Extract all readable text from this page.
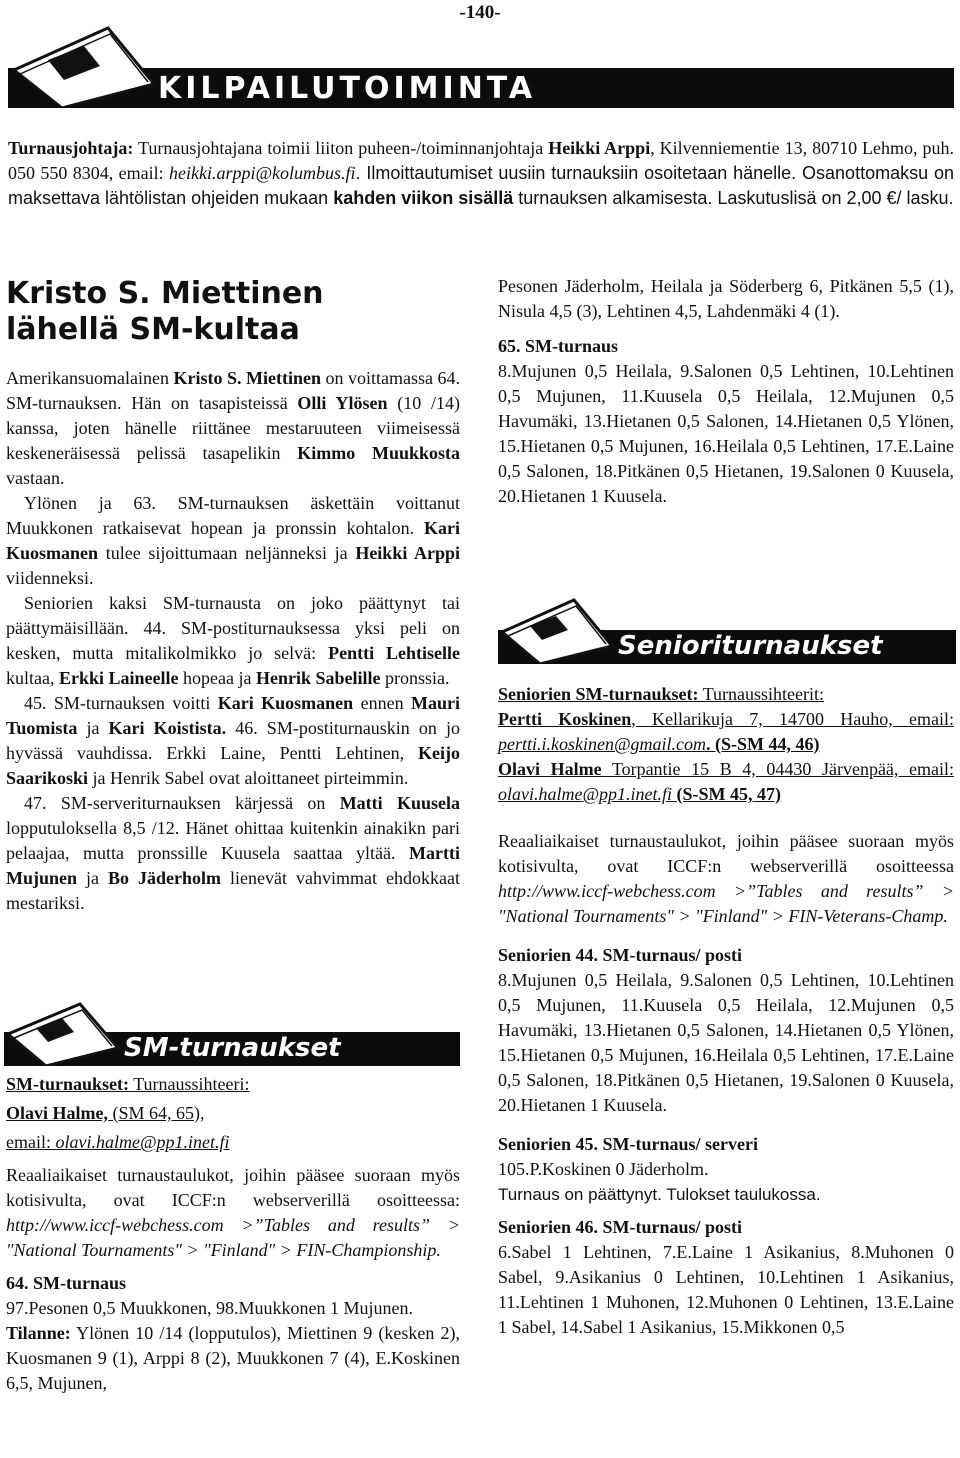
-140-
KILPAILUTOIMINTA
Turnausjohtaja: Turnausjohtajana toimii liiton puheen-/toiminnanjohtaja Heikki Arppi, Kilvenniementie 13, 80710 Lehmo, puh. 050 550 8304, email: heikki.arppi@kolumbus.fi. Ilmoittautumiset uusiin turnauksiin osoitetaan hänelle. Osanottomaksu on maksettava lähtölistan ohjeiden mukaan kahden viikon sisällä turnauksen alkamisesta. Laskutuslisä on 2,00 €/ lasku.
Kristo S. Miettinen
lähellä SM-kultaa

Amerikansuomalainen Kristo S. Miettinen on voittamassa 64. SM-turnauksen. Hän on tasapisteissä Olli Ylösen (10 /14) kanssa, joten hänelle riittänee mestaruuteen viimeisessä keskeneräisessä pelissä tasapelikin Kimmo Muukkosta vastaan.

Ylönen ja 63. SM-turnauksen äskettäin voittanut Muukkonen ratkaisevat hopean ja pronssin kohtalon. Kari Kuosmanen tulee sijoittumaan neljänneksi ja Heikki Arppi viidenneksi.

Seniorien kaksi SM-turnausta on joko päättynyt tai päättymäisillään. 44. SM-postiturnauksessa yksi peli on kesken, mutta mitalikolmikko jo selvä: Pentti Lehtiselle kultaa, Erkki Laineelle hopeaa ja Henrik Sabelille pronssia.

45. SM-turnauksen voitti Kari Kuosmanen ennen Mauri Tuomista ja Kari Koistista. 46. SM-postiturnauskin on jo hyvässä vauhdissa. Erkki Laine, Pentti Lehtinen, Keijo Saarikoski ja Henrik Sabel ovat aloittaneet pirteimmin.

47. SM-serveriturnauksen kärjessä on Matti Kuusela lopputuloksella 8,5 /12. Hänet ohittaa kuitenkin ainakikn pari pelaajaa, mutta pronssille Kuusela saattaa yltää. Martti Mujunen ja Bo Jäderholm lienevät vahvimmat ehdokkaat mestariksi.

SM-turnaukset

SM-turnaukset: Turnaussihteeri:

Olavi Halme, (SM 64, 65),

email: olavi.halme@pp1.inet.fi

Reaaliaikaiset turnaustaulukot, joihin pääsee suoraan myös kotisivulta, ovat ICCF:n webserverillä osoitteessa: http://www.iccf-webchess.com >”Tables and results” > "National Tournaments" > "Finland" > FIN-Championship.

64. SM-turnaus

97.Pesonen 0,5 Muukkonen, 98.Muukkonen 1 Mujunen.

Tilanne: Ylönen 10 /14 (lopputulos), Miettinen 9 (kesken 2), Kuosmanen 9 (1), Arppi 8 (2), Muukkonen 7 (4), E.Koskinen 6,5, Mujunen,

Pesonen Jäderholm, Heilala ja Söderberg 6, Pitkänen 5,5 (1), Nisula 4,5 (3), Lehtinen 4,5, Lahdenmäki 4 (1).

65. SM-turnaus

8.Mujunen 0,5 Heilala, 9.Salonen 0,5 Lehtinen, 10.Lehtinen 0,5 Mujunen, 11.Kuusela 0,5 Heilala, 12.Mujunen 0,5 Havumäki, 13.Hietanen 0,5 Salonen, 14.Hietanen 0,5 Ylönen, 15.Hietanen 0,5 Mujunen, 16.Heilala 0,5 Lehtinen, 17.E.Laine 0,5 Salonen, 18.Pitkänen 0,5 Hietanen, 19.Salonen 0 Kuusela, 20.Hietanen 1 Kuusela.

Senioriturnaukset

Seniorien SM-turnaukset: Turnaussihteerit:

Pertti Koskinen, Kellarikuja 7, 14700 Hauho, email: pertti.i.koskinen@gmail.com. (S-SM 44, 46)

Olavi Halme Torpantie 15 B 4, 04430 Järvenpää, email: olavi.halme@pp1.inet.fi (S-SM 45, 47)

Reaaliaikaiset turnaustaulukot, joihin pääsee suoraan myös kotisivulta, ovat ICCF:n webserverillä osoitteessa http://www.iccf-webchess.com >”Tables and results” > "National Tournaments" > "Finland" > FIN-Veterans-Champ.

Seniorien 44. SM-turnaus/ posti

8.Mujunen 0,5 Heilala, 9.Salonen 0,5 Lehtinen, 10.Lehtinen 0,5 Mujunen, 11.Kuusela 0,5 Heilala, 12.Mujunen 0,5 Havumäki, 13.Hietanen 0,5 Salonen, 14.Hietanen 0,5 Ylönen, 15.Hietanen 0,5 Mujunen, 16.Heilala 0,5 Lehtinen, 17.E.Laine 0,5 Salonen, 18.Pitkänen 0,5 Hietanen, 19.Salonen 0 Kuusela, 20.Hietanen 1 Kuusela.

Seniorien 45. SM-turnaus/ serveri

105.P.Koskinen 0 Jäderholm.

Turnaus on päättynyt. Tulokset taulukossa.

Seniorien 46. SM-turnaus/ posti

6.Sabel 1 Lehtinen, 7.E.Laine 1 Asikanius, 8.Muhonen 0 Sabel, 9.Asikanius 0 Lehtinen, 10.Lehtinen 1 Asikanius, 11.Lehtinen 1 Muhonen, 12.Muhonen 0 Lehtinen, 13.E.Laine 1 Sabel, 14.Sabel 1 Asikanius, 15.Mikkonen 0,5
